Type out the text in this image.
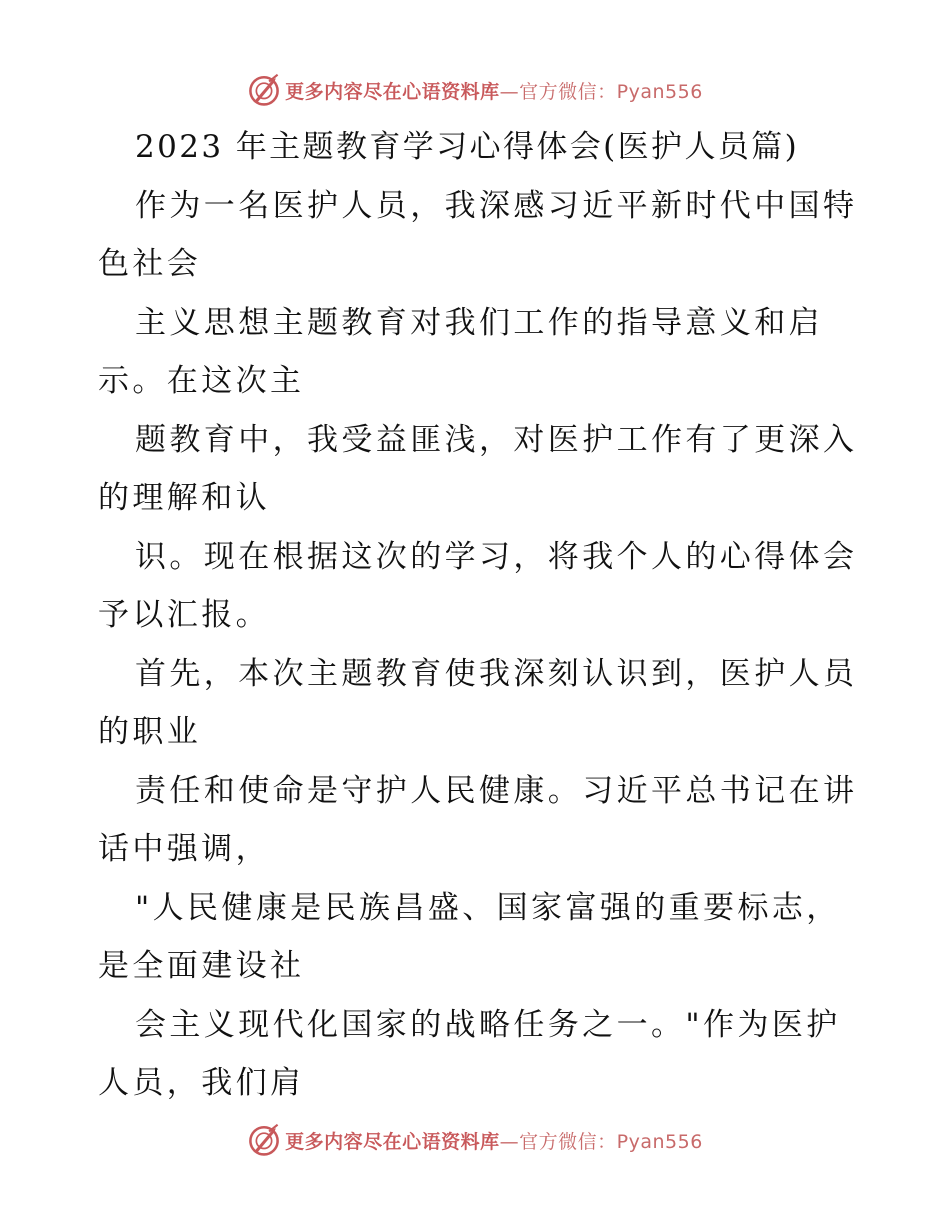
更多内容尽在心语资料库—官方微信：Pyan556
2023 年主题教育学习心得体会(医护人员篇)
作为一名医护人员，我深感习近平新时代中国特
色社会
主义思想主题教育对我们工作的指导意义和启
示。在这次主
题教育中，我受益匪浅，对医护工作有了更深入
的理解和认
识。现在根据这次的学习，将我个人的心得体会
予以汇报。
首先，本次主题教育使我深刻认识到，医护人员
的职业
责任和使命是守护人民健康。习近平总书记在讲
话中强调，
"人民健康是民族昌盛、国家富强的重要标志，
是全面建设社
会主义现代化国家的战略任务之一。"作为医护
人员，我们肩
更多内容尽在心语资料库—官方微信：Pyan556
